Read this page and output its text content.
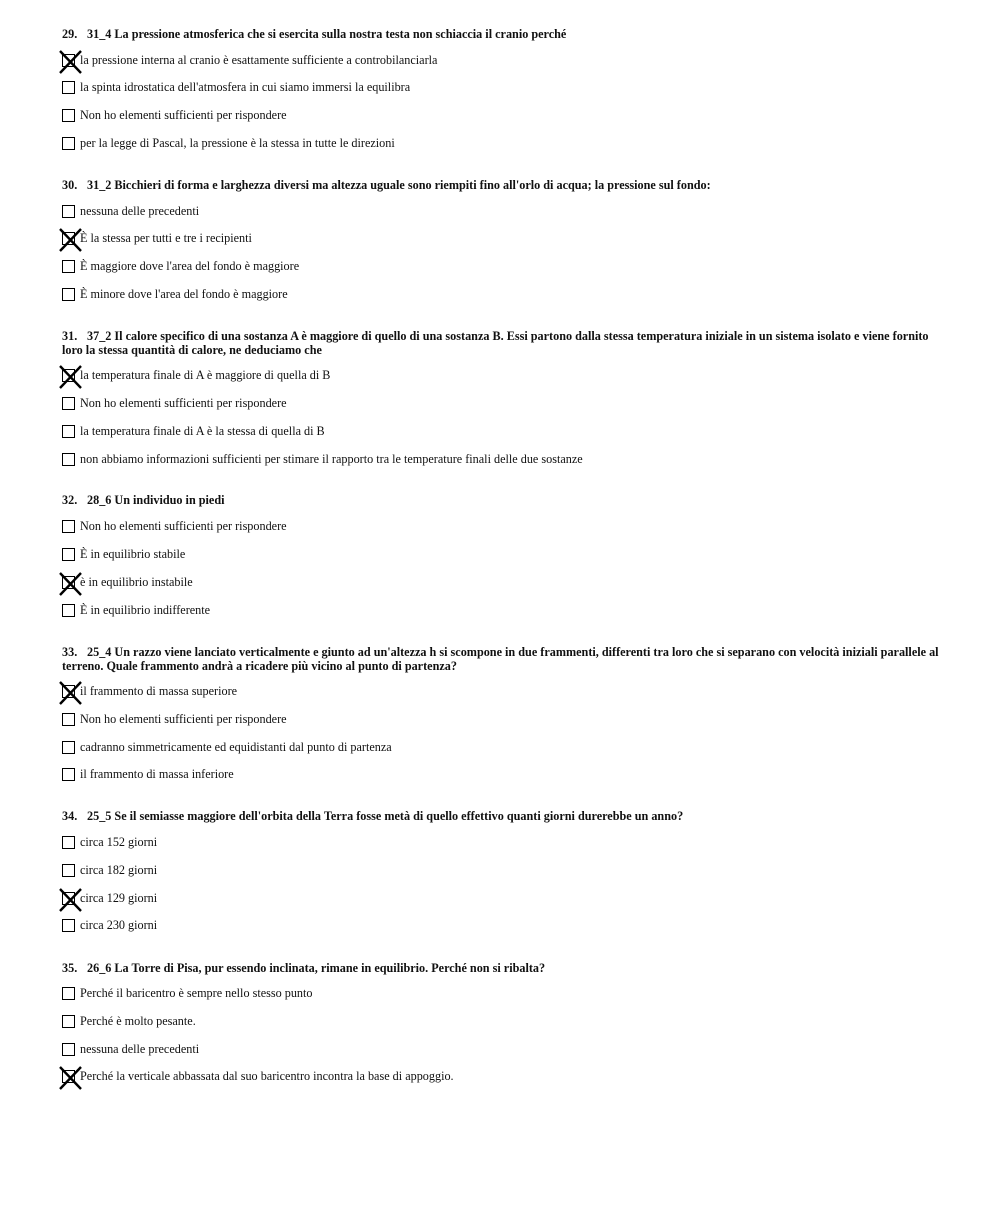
29. 31_4 La pressione atmosferica che si esercita sulla nostra testa non schiaccia il cranio perché

la pressione interna al cranio è esattamente sufficiente a controbilanciarla
la spinta idrostatica dell'atmosfera in cui siamo immersi la equilibra
Non ho elementi sufficienti per rispondere
per la legge di Pascal, la pressione è la stessa in tutte le direzioni

30. 31_2 Bicchieri di forma e larghezza diversi ma altezza uguale sono riempiti fino all'orlo di acqua; la pressione sul fondo:

nessuna delle precedenti
È la stessa per tutti e tre i recipienti
È maggiore dove l'area del fondo è maggiore
È minore dove l'area del fondo è maggiore

31. 37_2 Il calore specifico di una sostanza A è maggiore di quello di una sostanza B. Essi partono dalla stessa temperatura iniziale in un sistema isolato e viene fornito loro la stessa quantità di calore, ne deduciamo che

la temperatura finale di A è maggiore di quella di B
Non ho elementi sufficienti per rispondere
la temperatura finale di A è la stessa di quella di B
non abbiamo informazioni sufficienti per stimare il rapporto tra le temperature finali delle due sostanze

32. 28_6 Un individuo in piedi

Non ho elementi sufficienti per rispondere
È in equilibrio stabile
è in equilibrio instabile
È in equilibrio indifferente

33. 25_4 Un razzo viene lanciato verticalmente e giunto ad un'altezza h si scompone in due frammenti, differenti tra loro che si separano con velocità iniziali parallele al terreno. Quale frammento andrà a ricadere più vicino al punto di partenza?

il frammento di massa superiore
Non ho elementi sufficienti per rispondere
cadranno simmetricamente ed equidistanti dal punto di partenza
il frammento di massa inferiore

34. 25_5 Se il semiasse maggiore dell'orbita della Terra fosse metà di quello effettivo quanti giorni durerebbe un anno?

circa 152 giorni
circa 182 giorni
circa 129 giorni
circa 230 giorni

35. 26_6 La Torre di Pisa, pur essendo inclinata, rimane in equilibrio. Perché non si ribalta?

Perché il baricentro è sempre nello stesso punto
Perché è molto pesante.
nessuna delle precedenti
Perché la verticale abbassata dal suo baricentro incontra la base di appoggio.
